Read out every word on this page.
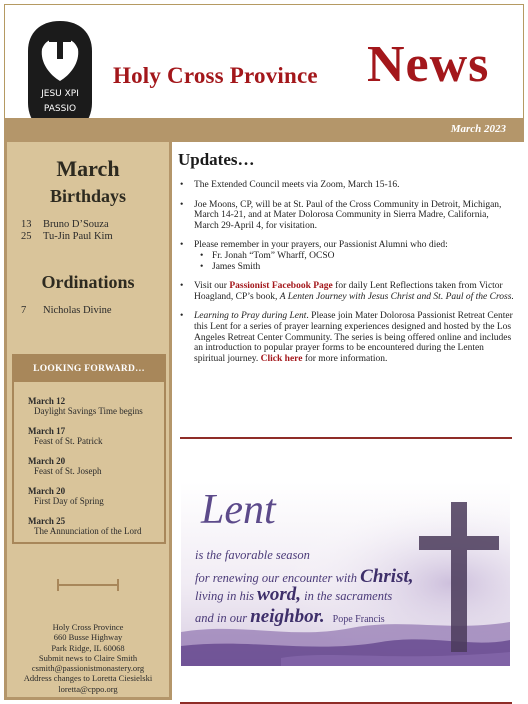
JESU XPI
PASSIO
Holy Cross Province News
March 2023
March
Birthdays
13	Bruno D’Souza
25	Tu-Jin Paul Kim
Ordinations
7	Nicholas Divine
LOOKING FORWARD…
March 12
Daylight Savings Time begins
March 17
Feast of St. Patrick
March 20
Feast of St. Joseph
March 20
First Day of Spring
March 25
The Annunciation of the Lord
Holy Cross Province
660 Busse Highway
Park Ridge, IL 60068
Submit news to Claire Smith
csmith@passionistmonastery.org
Address changes to Loretta Ciesielski
loretta@cppo.org
Updates…
• The Extended Council meets via Zoom, March 15-16.
• Joe Moons, CP, will be at St. Paul of the Cross Community in Detroit, Michigan, March 14-21, and at Mater Dolorosa Community in Sierra Madre, California, March 29-April 4, for visitation.
• Please remember in your prayers, our Passionist Alumni who died:
• Fr. Jonah “Tom” Wharff, OCSO
• James Smith
• Visit our Passionist Facebook Page for daily Lent Reflections taken from Victor Hoagland, CP’s book, A Lenten Journey with Jesus Christ and St. Paul of the Cross.
• Learning to Pray during Lent. Please join Mater Dolorosa Passionist Retreat Center this Lent for a series of prayer learning experiences designed and hosted by the Los Angeles Retreat Center Community. The series is being offered online and includes an introduction to popular prayer forms to be encountered during the Lenten spiritual journey. Click here for more information.
Lent
is the favorable season
for renewing our encounter with Christ,
living in his word, in the sacraments
and in our neighbor. Pope Francis
